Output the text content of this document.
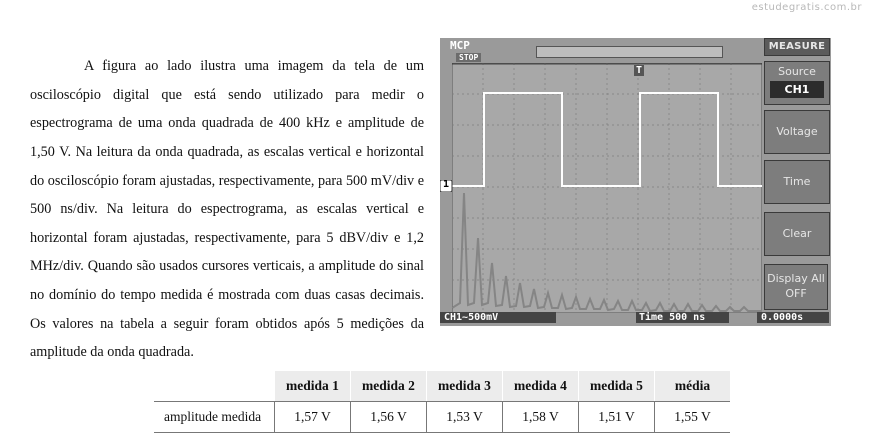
estudegratis.com.br

A figura ao lado ilustra uma imagem da tela de um osciloscópio digital que está sendo utilizado para medir o espectrograma de uma onda quadrada de 400 kHz e amplitude de 1,50 V. Na leitura da onda quadrada, as escalas vertical e horizontal do osciloscópio foram ajustadas, respectivamente, para 500 mV/div e 500 ns/div. Na leitura do espectrograma, as escalas vertical e horizontal foram ajustadas, respectivamente, para 5 dBV/div e 1,2 MHz/div. Quando são usados cursores verticais, a amplitude do sinal no domínio do tempo medida é mostrada com duas casas decimais. Os valores na tabela a seguir foram obtidos após 5 medições da amplitude da onda quadrada.

MCP
STOP
1
T
CH1~500mV	Time 500 ns	0.0000s
MEASURE
Source
CH1
Voltage
Time
Clear
Display All
OFF
	medida 1	medida 2	medida 3	medida 4	medida 5	média
amplitude medida	1,57 V	1,56 V	1,53 V	1,58 V	1,51 V	1,55 V
